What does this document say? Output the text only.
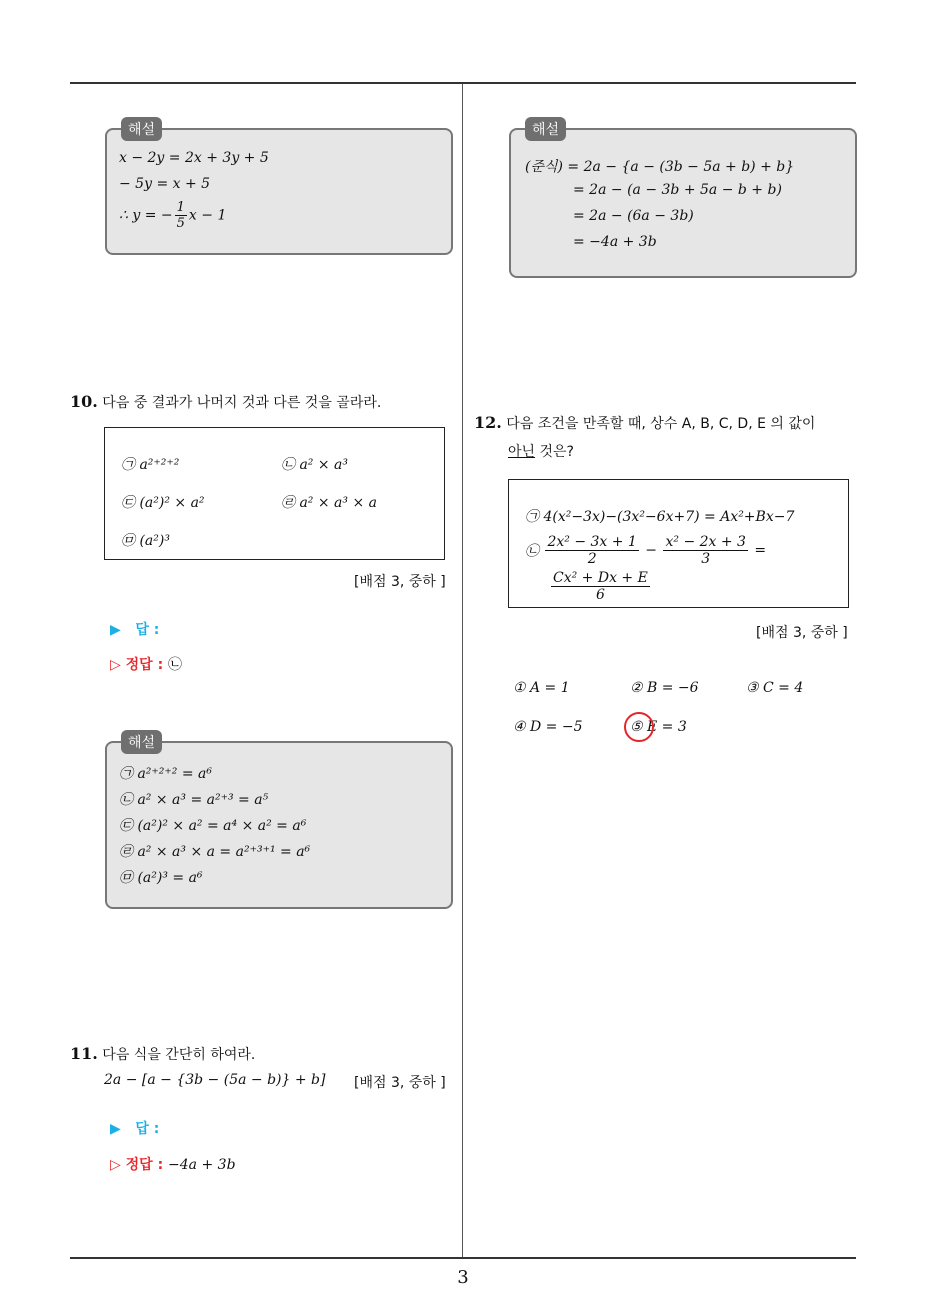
해설
x − 2y = 2x + 3y + 5
− 5y = x + 5
∴ y = − $\frac{1}{5}$ x − 1
10. 다음 중 결과가 나머지 것과 다른 것을 골라라.
㉠ a²⁺²⁺²	㉡ a² × a³
㉢ (a²)² × a²	㉣ a² × a³ × a
㉤ (a²)³
[배점 3, 중하 ]
▶   답 :
▷ 정답 : ㉡
해설
㉠ a²⁺²⁺² = a⁶
㉡ a² × a³ = a²⁺³ = a⁵
㉢ (a²)² × a² = a⁴ × a² = a⁶
㉣ a² × a³ × a = a²⁺³⁺¹ = a⁶
㉤ (a²)³ = a⁶
11. 다음 식을 간단히 하여라.
2a − [a − {3b − (5a − b)} + b] [배점 3, 중하 ]
▶   답 :
▷ 정답 : −4a + 3b
해설
(준식) = 2a − {a − (3b − 5a + b) + b}
= 2a − (a − 3b + 5a − b + b)
= 2a − (6a − 3b)
= −4a + 3b
12. 다음 조건을 만족할 때, 상수 A, B, C, D, E 의 값이
아닌 것은?
㉠ 4(x²−3x)−(3x²−6x+7) = Ax²+Bx−7
㉡ $\frac{\text{2x² − 3x + 1}}{2} - \frac{\text{x² − 2x + 3}}{3}$ =
$\frac{\text{Cx² + Dx + E}}{6}$
[배점 3, 중하 ]
① A = 1	② B = −6	③ C = 4
④ D = −5	⑤ E = 3
3
